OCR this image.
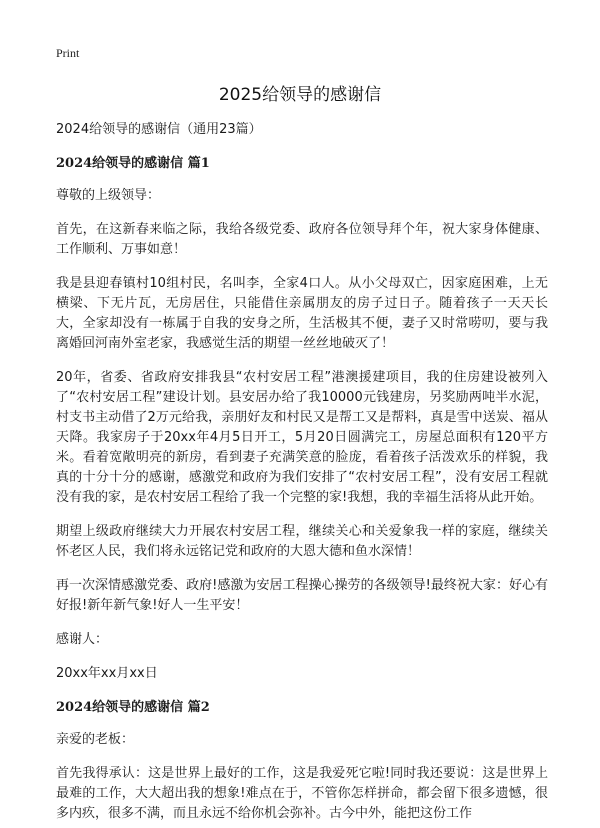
Print
2025给领导的感谢信

2024给领导的感谢信（通用23篇）

2024给领导的感谢信 篇1

尊敬的上级领导：

首先，在这新春来临之际，我给各级党委、政府各位领导拜个年，祝大家身体健康、工作顺利、万事如意！

我是县迎春镇村10组村民，名叫李，全家4口人。从小父母双亡，因家庭困难，上无横梁、下无片瓦，无房居住，只能借住亲属朋友的房子过日子。随着孩子一天天长大，全家却没有一栋属于自我的安身之所，生活极其不便，妻子又时常唠叨，要与我离婚回河南外室老家，我感觉生活的期望一丝丝地破灭了！

20年，省委、省政府安排我县“农村安居工程”港澳援建项目，我的住房建设被列入了“农村安居工程”建设计划。县安居办给了我10000元钱建房，另奖励两吨半水泥，村支书主动借了2万元给我，亲朋好友和村民又是帮工又是帮料，真是雪中送炭、福从天降。我家房子于20xx年4月5日开工，5月20日圆满完工，房屋总面积有120平方米。看着宽敞明亮的新房，看到妻子充满笑意的脸庞，看着孩子活泼欢乐的样貌，我真的十分十分的感谢，感激党和政府为我们安排了“农村安居工程”，没有安居工程就没有我的家，是农村安居工程给了我一个完整的家!我想，我的幸福生活将从此开始。

期望上级政府继续大力开展农村安居工程，继续关心和关爱象我一样的家庭，继续关怀老区人民，我们将永远铭记党和政府的大恩大德和鱼水深情！

再一次深情感激党委、政府!感激为安居工程操心操劳的各级领导!最终祝大家：好心有好报!新年新气象!好人一生平安！

感谢人：

20xx年xx月xx日

2024给领导的感谢信 篇2

亲爱的老板：

首先我得承认：这是世界上最好的工作，这是我爱死它啦!同时我还要说：这是世界上最难的工作，大大超出我的想象!难点在于，不管你怎样拼命，都会留下很多遗憾，很多内疚，很多不满，而且永远不给你机会弥补。古今中外，能把这份工作
